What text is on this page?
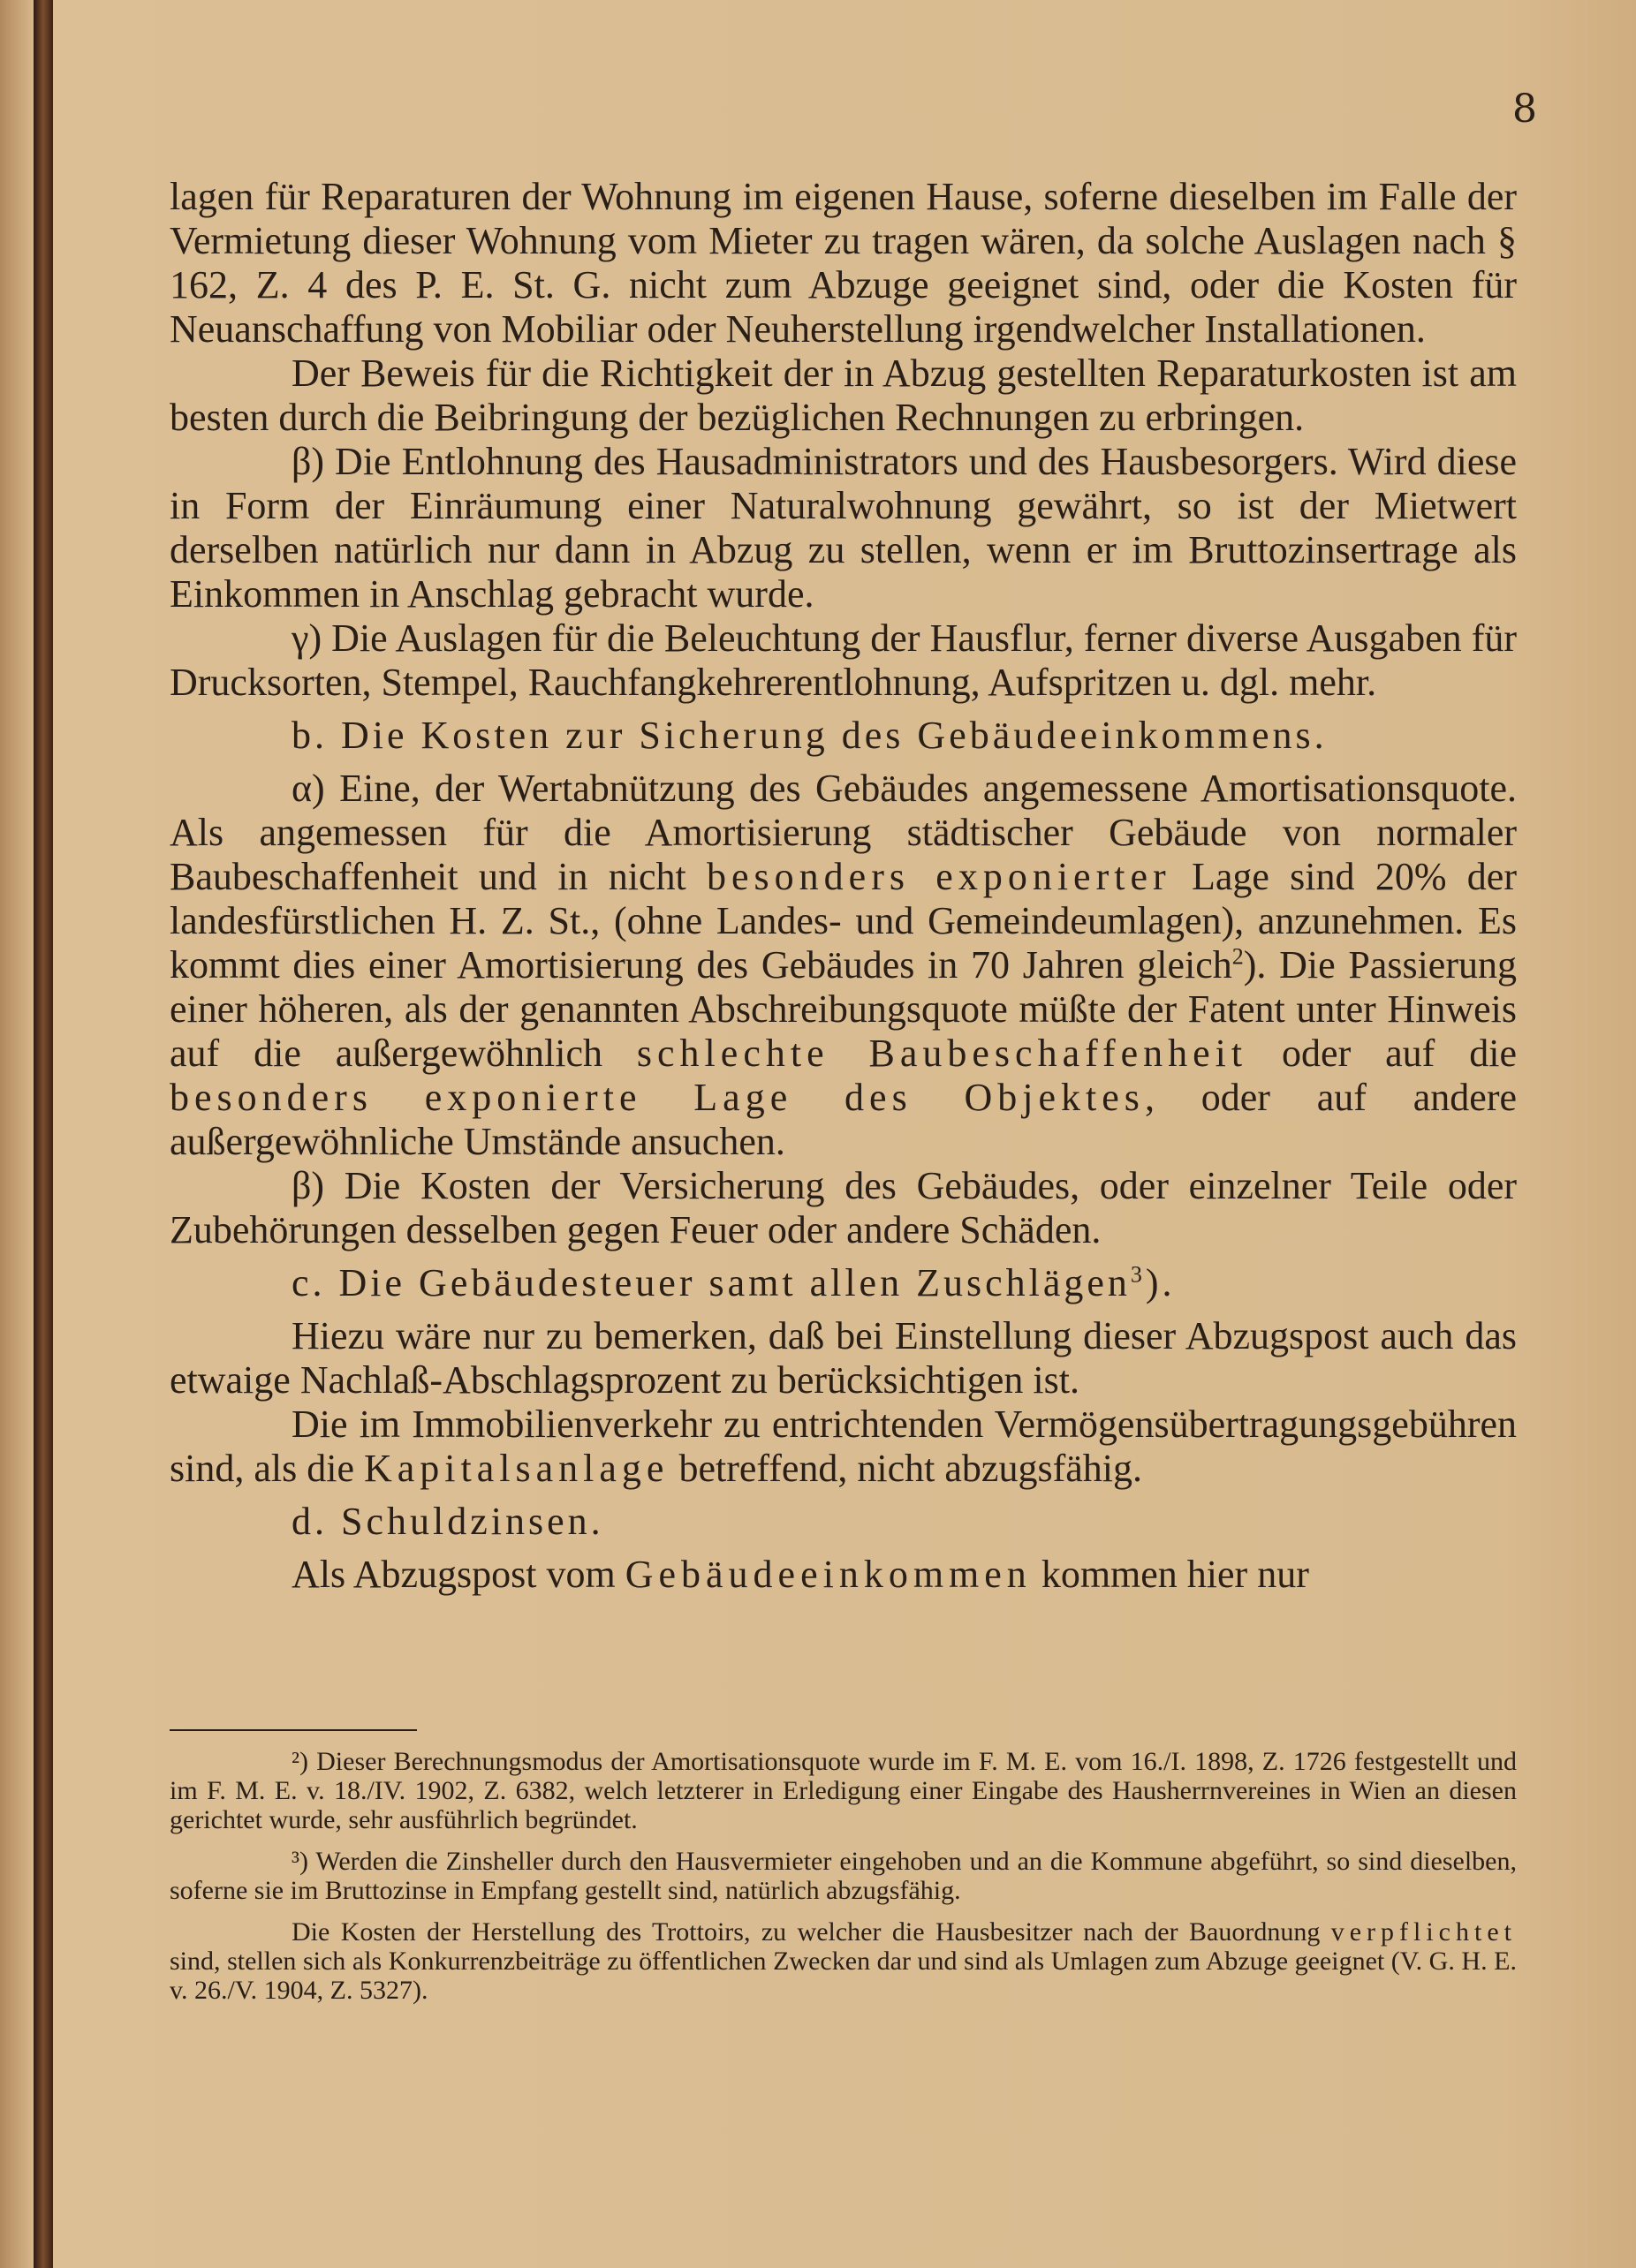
8

lagen für Reparaturen der Wohnung im eigenen Hause, soferne dieselben im Falle der Vermietung dieser Wohnung vom Mieter zu tragen wären, da solche Auslagen nach § 162, Z. 4 des P. E. St. G. nicht zum Abzuge geeignet sind, oder die Kosten für Neuanschaffung von Mobiliar oder Neuherstellung irgendwelcher Installationen.

Der Beweis für die Richtigkeit der in Abzug gestellten Reparaturkosten ist am besten durch die Beibringung der bezüglichen Rechnungen zu erbringen.

β) Die Entlohnung des Hausadministrators und des Hausbesorgers. Wird diese in Form der Einräumung einer Naturalwohnung gewährt, so ist der Mietwert derselben natürlich nur dann in Abzug zu stellen, wenn er im Bruttozinsertrage als Einkommen in Anschlag gebracht wurde.

γ) Die Auslagen für die Beleuchtung der Hausflur, ferner diverse Ausgaben für Drucksorten, Stempel, Rauchfangkehrerentlohnung, Aufspritzen u. dgl. mehr.

b. Die Kosten zur Sicherung des Gebäudeeinkommens.

α) Eine, der Wertabnützung des Gebäudes angemessene Amortisationsquote. Als angemessen für die Amortisierung städtischer Gebäude von normaler Baubeschaffenheit und in nicht besonders exponierter Lage sind 20% der landesfürstlichen H. Z. St., (ohne Landes- und Gemeindeumlagen), anzunehmen. Es kommt dies einer Amortisierung des Gebäudes in 70 Jahren gleich$^2$). Die Passierung einer höheren, als der genannten Abschreibungsquote müßte der Fatent unter Hinweis auf die außergewöhnlich schlechte Baubeschaffenheit oder auf die besonders exponierte Lage des Objektes, oder auf andere außergewöhnliche Umstände ansuchen.

β) Die Kosten der Versicherung des Gebäudes, oder einzelner Teile oder Zubehörungen desselben gegen Feuer oder andere Schäden.

c. Die Gebäudesteuer samt allen Zuschlägen$^3$).

Hiezu wäre nur zu bemerken, daß bei Einstellung dieser Abzugspost auch das etwaige Nachlaß-Abschlagsprozent zu berücksichtigen ist.

Die im Immobilienverkehr zu entrichtenden Vermögensübertragungsgebühren sind, als die Kapitalsanlage betreffend, nicht abzugsfähig.

d. Schuldzinsen.

Als Abzugspost vom Gebäudeeinkommen kommen hier nur

²) Dieser Berechnungsmodus der Amortisationsquote wurde im F. M. E. vom 16./I. 1898, Z. 1726 festgestellt und im F. M. E. v. 18./IV. 1902, Z. 6382, welch letzterer in Erledigung einer Eingabe des Hausherrnvereines in Wien an diesen gerichtet wurde, sehr ausführlich begründet.

³) Werden die Zinsheller durch den Hausvermieter eingehoben und an die Kommune abgeführt, so sind dieselben, soferne sie im Bruttozinse in Empfang gestellt sind, natürlich abzugsfähig.

Die Kosten der Herstellung des Trottoirs, zu welcher die Hausbesitzer nach der Bauordnung verpflichtet sind, stellen sich als Konkurrenzbeiträge zu öffentlichen Zwecken dar und sind als Umlagen zum Abzuge geeignet (V. G. H. E. v. 26./V. 1904, Z. 5327).
